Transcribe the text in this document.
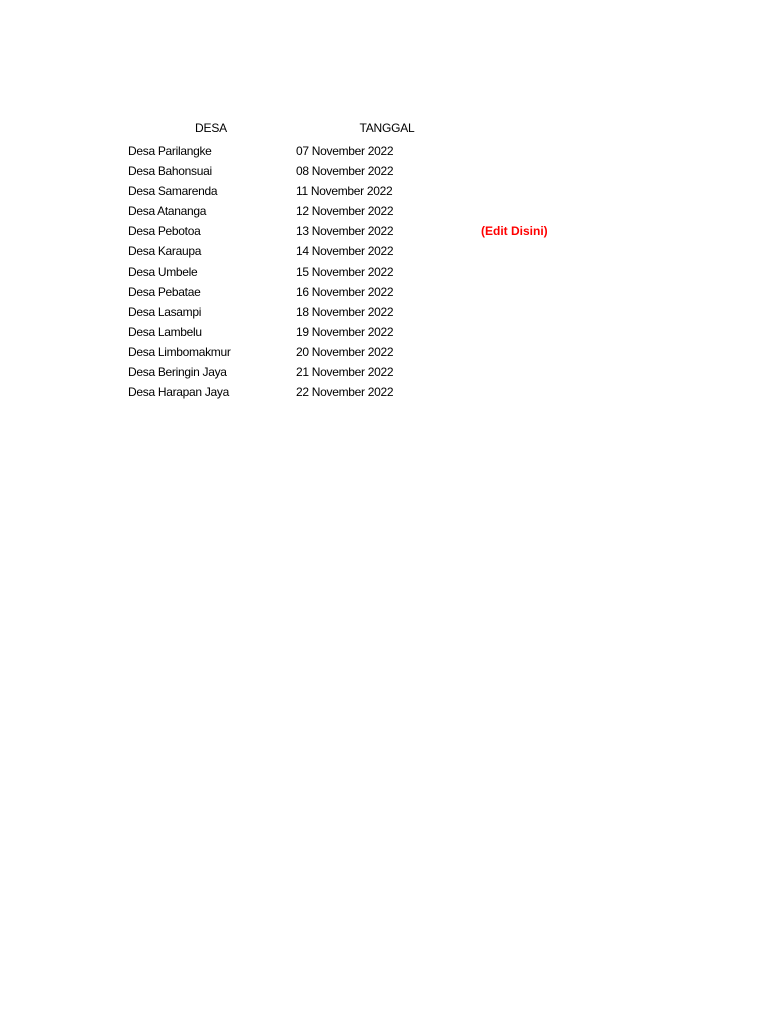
DESA	TANGGAL
Desa Parilangke	07 November 2022
Desa Bahonsuai	08 November 2022
Desa Samarenda	11 November 2022
Desa Atananga	12 November 2022
Desa Pebotoa	13 November 2022	(Edit Disini)
Desa Karaupa	14 November 2022
Desa Umbele	15 November 2022
Desa Pebatae	16 November 2022
Desa Lasampi	18 November 2022
Desa Lambelu	19 November 2022
Desa Limbomakmur	20 November 2022
Desa Beringin Jaya	21 November 2022
Desa Harapan Jaya	22 November 2022
